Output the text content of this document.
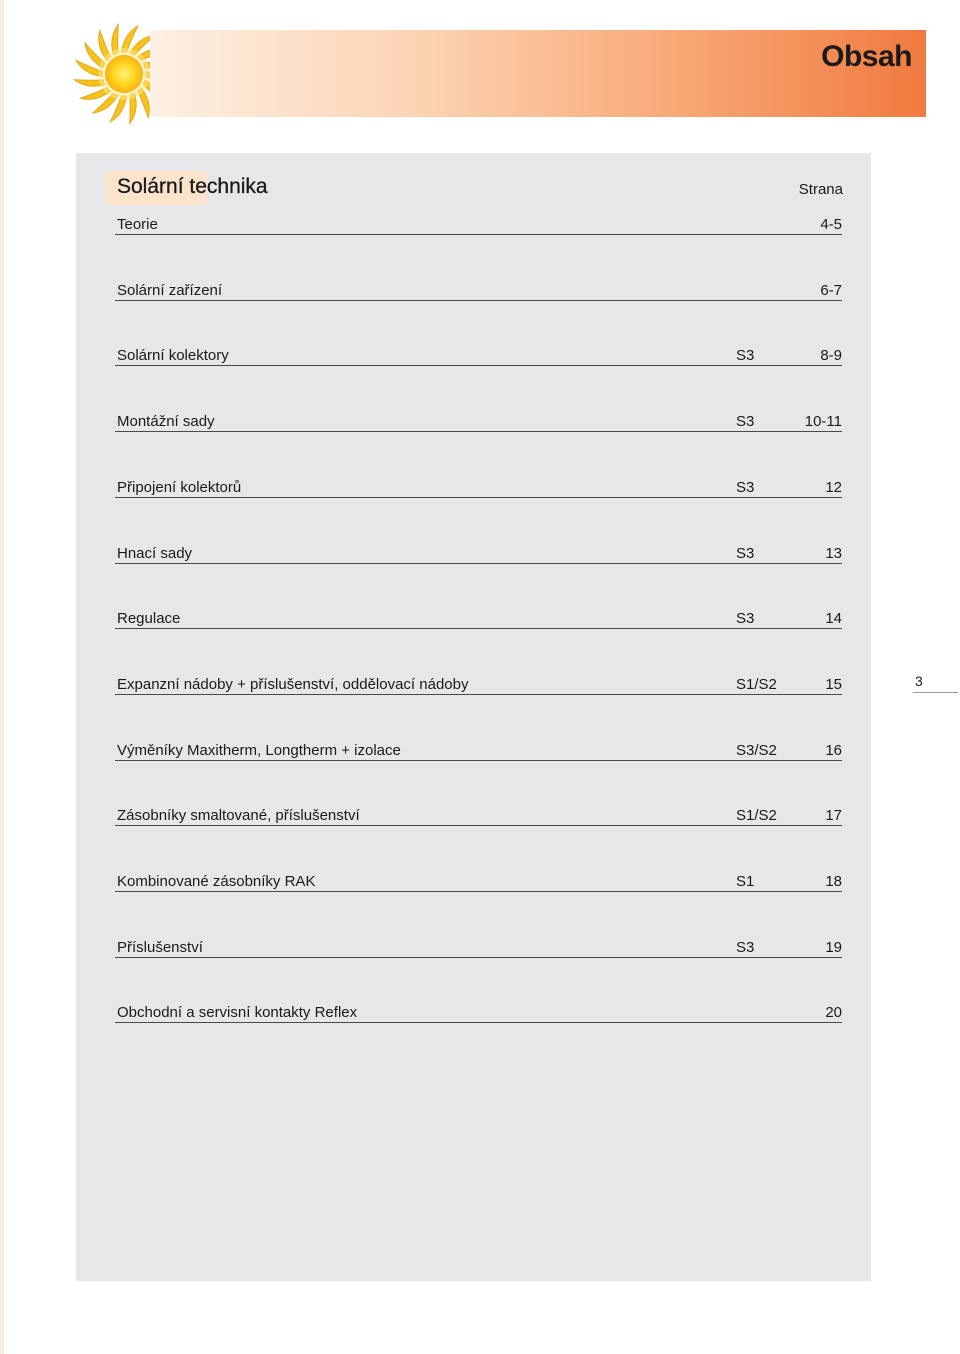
Obsah
Solární technika	Strana
Teorie	4-5
Solární zařízení	6-7
Solární kolektory	S3	8-9
Montážní sady	S3	10-11
Připojení kolektorů	S3	12
Hnací sady	S3	13
Regulace	S3	14
Expanzní nádoby + příslušenství, oddělovací nádoby	S1/S2	15
Výměníky Maxitherm, Longtherm + izolace	S3/S2	16
Zásobníky smaltované, příslušenství	S1/S2	17
Kombinované zásobníky RAK	S1	18
Příslušenství	S3	19
Obchodní a servisní kontakty Reflex	20
3
